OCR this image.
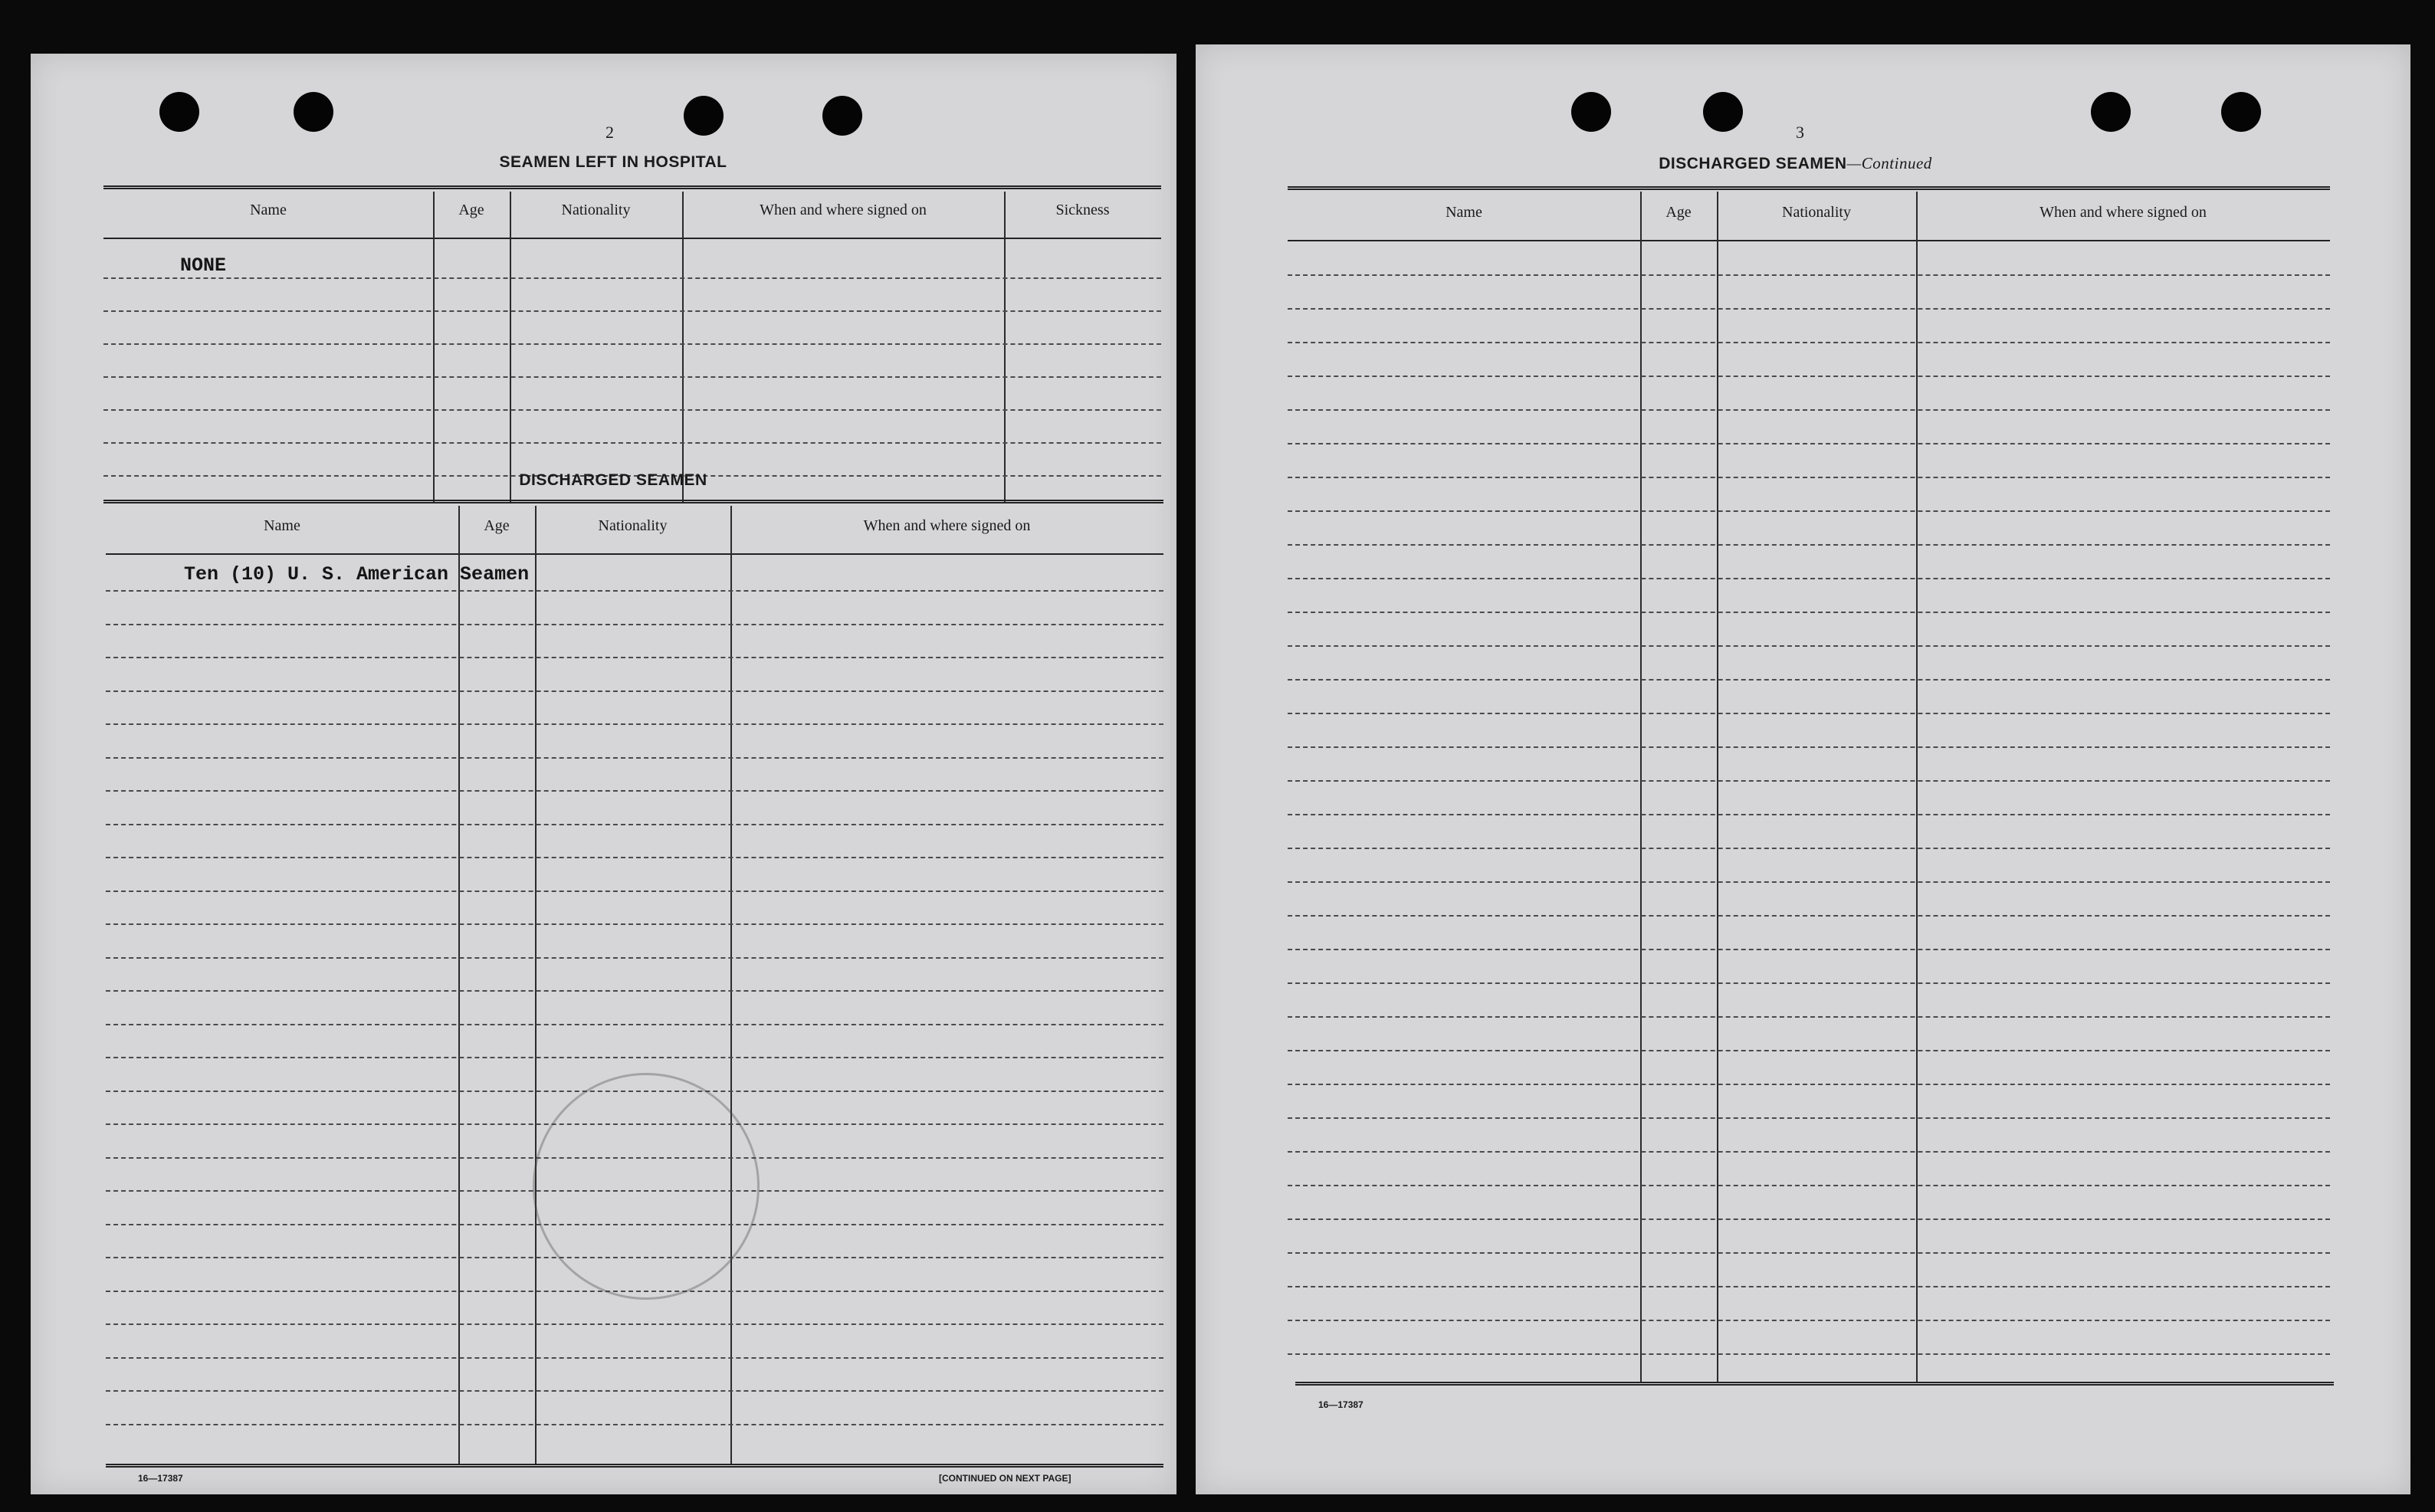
2
SEAMEN LEFT IN HOSPITAL
Name	Age	Nationality	When and where signed on	Sickness
NONE
DISCHARGED SEAMEN
Name	Age	Nationality	When and where signed on
Ten (10) U. S. American Seamen
16—17387	[CONTINUED ON NEXT PAGE]
3
DISCHARGED SEAMEN—Continued
Name	Age	Nationality	When and where signed on
16—17387
